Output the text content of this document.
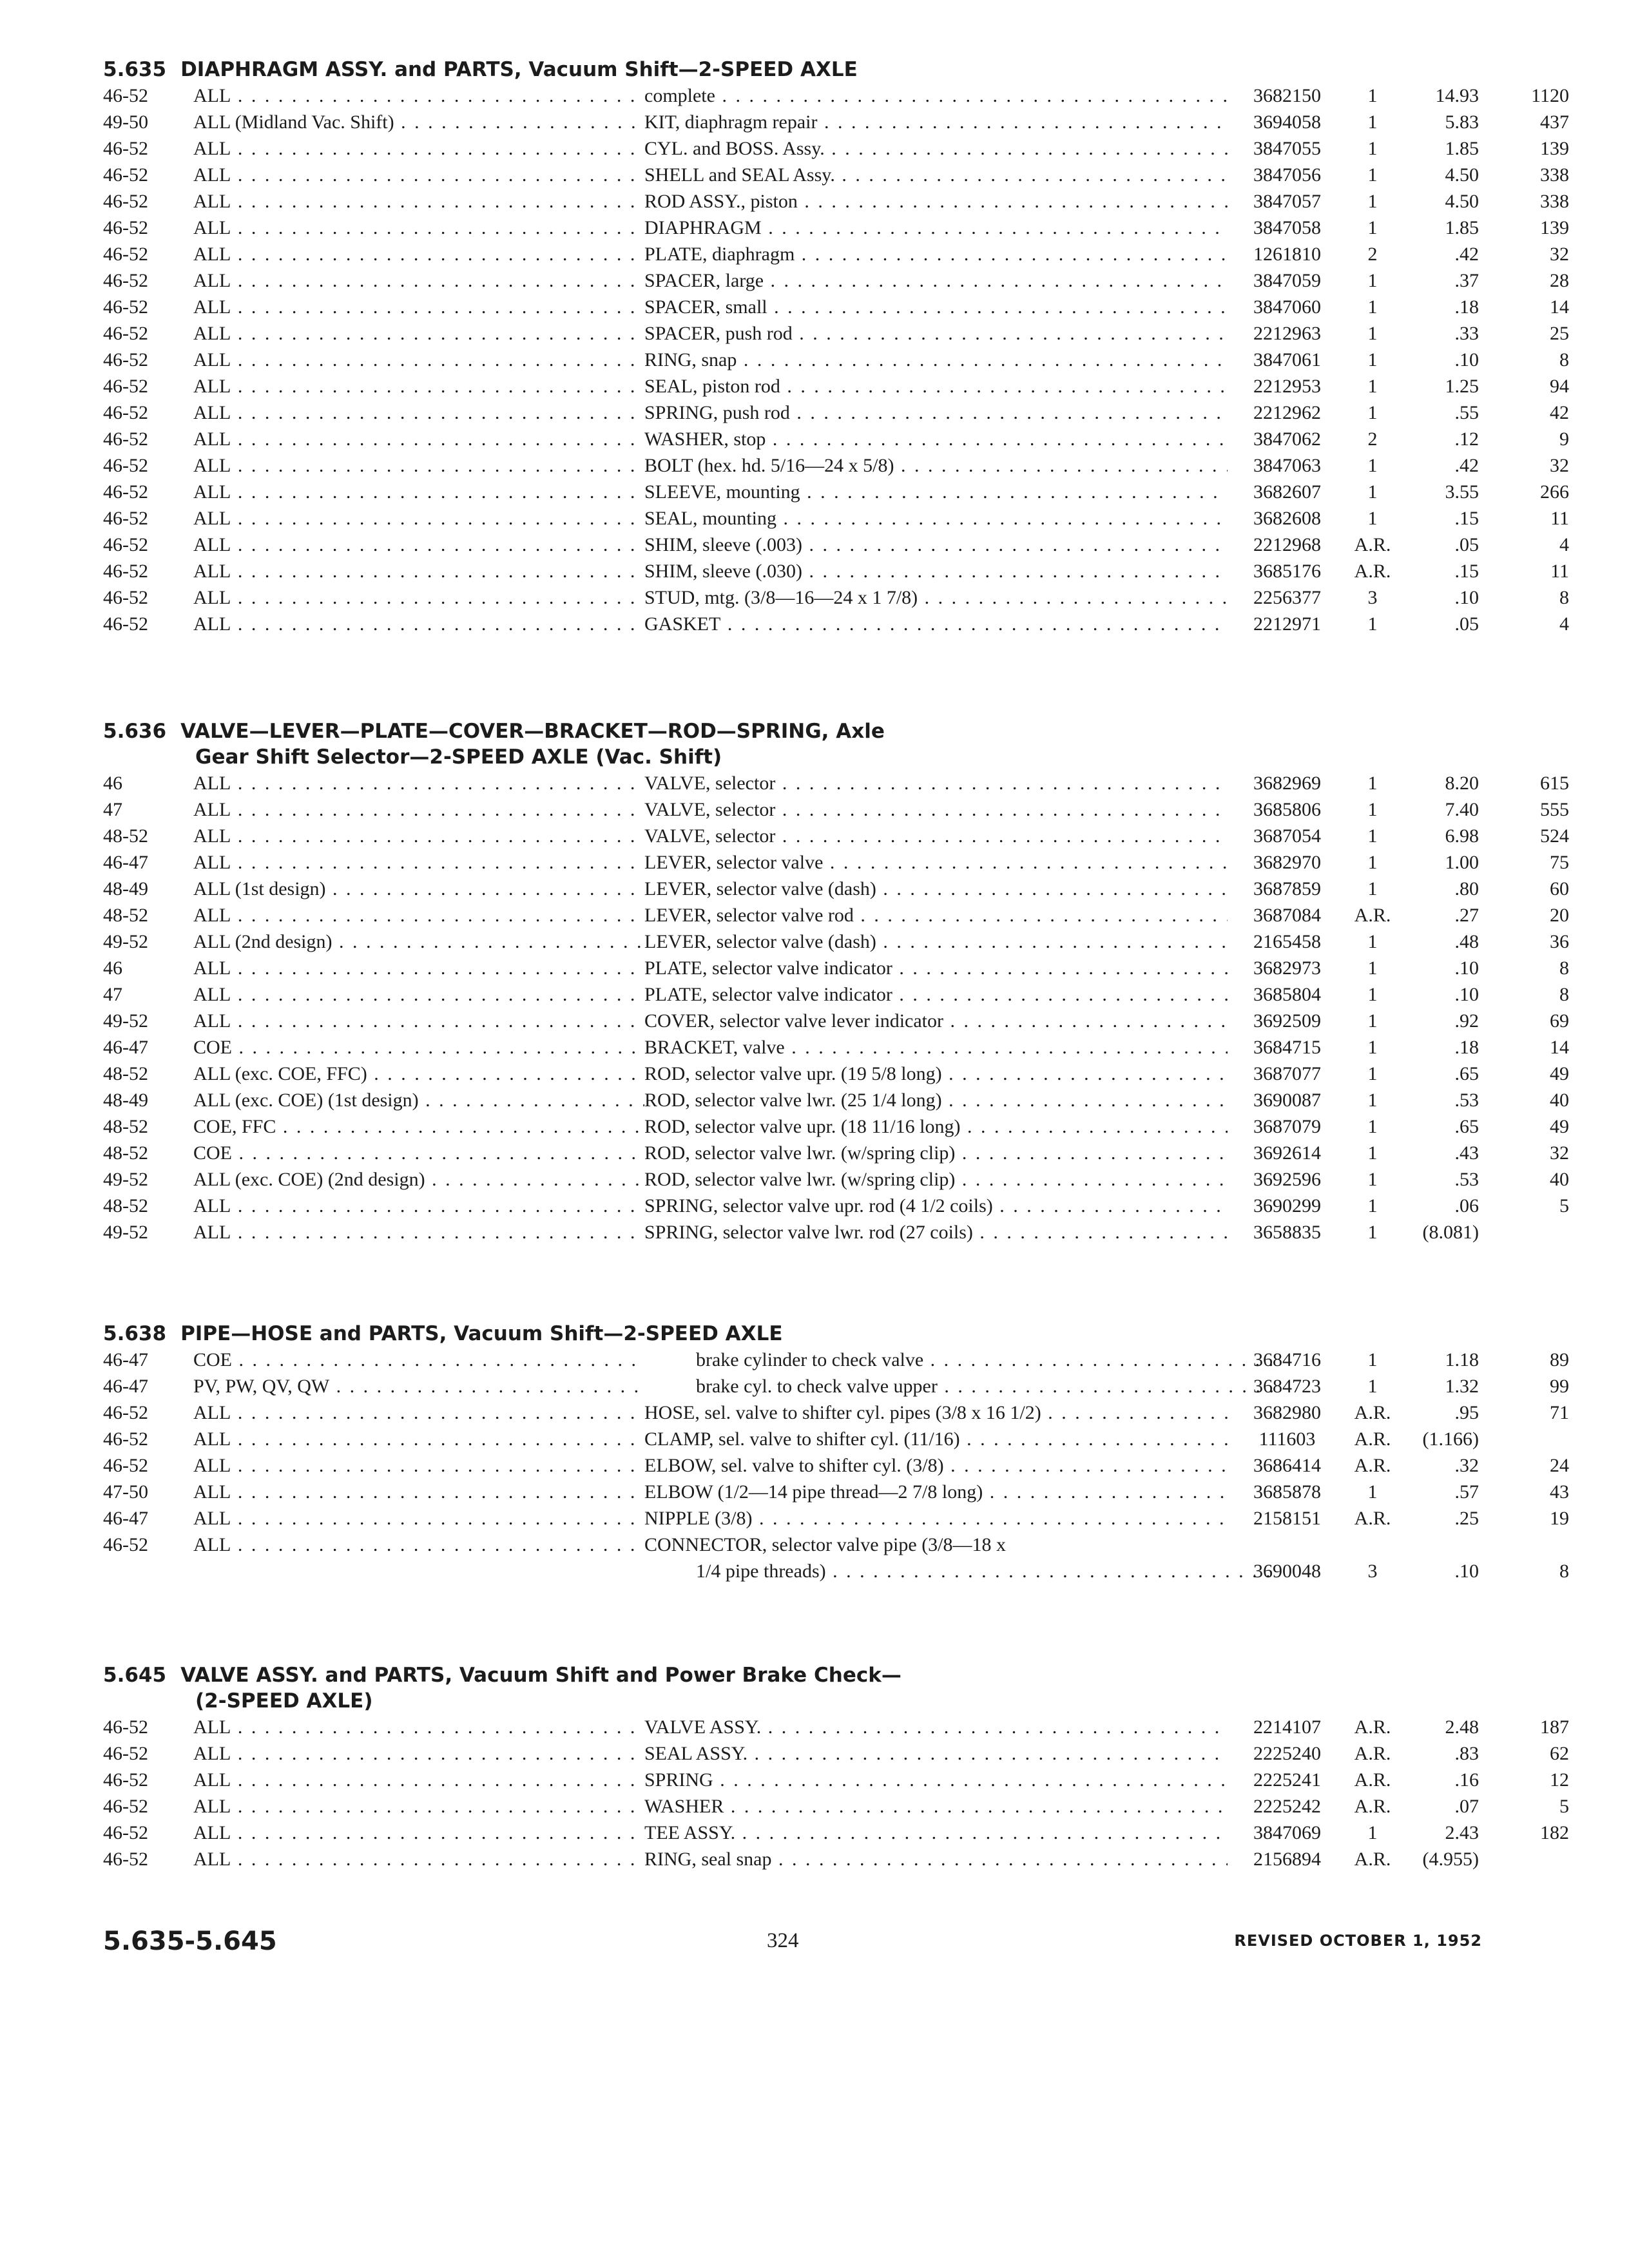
5.635 DIAPHRAGM ASSY. and PARTS, Vacuum Shift—2-SPEED AXLE
46-52	ALL . . .	complete . . .	3682150	1	14.93	1120
49-50	ALL (Midland Vac. Shift) . . .	KIT, diaphragm repair . . .	3694058	1	5.83	437
46-52	ALL . . .	CYL. and BOSS. Assy. . . .	3847055	1	1.85	139
46-52	ALL . . .	SHELL and SEAL Assy. . . .	3847056	1	4.50	338
46-52	ALL . . .	ROD ASSY., piston . . .	3847057	1	4.50	338
46-52	ALL . . .	DIAPHRAGM . . .	3847058	1	1.85	139
46-52	ALL . . .	PLATE, diaphragm . . .	1261810	2	.42	32
46-52	ALL . . .	SPACER, large . . .	3847059	1	.37	28
46-52	ALL . . .	SPACER, small . . .	3847060	1	.18	14
46-52	ALL . . .	SPACER, push rod . . .	2212963	1	.33	25
46-52	ALL . . .	RING, snap . . .	3847061	1	.10	8
46-52	ALL . . .	SEAL, piston rod . . .	2212953	1	1.25	94
46-52	ALL . . .	SPRING, push rod . . .	2212962	1	.55	42
46-52	ALL . . .	WASHER, stop . . .	3847062	2	.12	9
46-52	ALL . . .	BOLT (hex. hd. 5/16—24 x 5/8) . . .	3847063	1	.42	32
46-52	ALL . . .	SLEEVE, mounting . . .	3682607	1	3.55	266
46-52	ALL . . .	SEAL, mounting . . .	3682608	1	.15	11
46-52	ALL . . .	SHIM, sleeve (.003) . . .	2212968	A.R.	.05	4
46-52	ALL . . .	SHIM, sleeve (.030) . . .	3685176	A.R.	.15	11
46-52	ALL . . .	STUD, mtg. (3/8—16—24 x 1 7/8) . . .	2256377	3	.10	8
46-52	ALL . . .	GASKET . . .	2212971	1	.05	4
5.636 VALVE—LEVER—PLATE—COVER—BRACKET—ROD—SPRING, Axle
Gear Shift Selector—2-SPEED AXLE (Vac. Shift)
46	ALL . . .	VALVE, selector . . .	3682969	1	8.20	615
47	ALL . . .	VALVE, selector . . .	3685806	1	7.40	555
48-52	ALL . . .	VALVE, selector . . .	3687054	1	6.98	524
46-47	ALL . . .	LEVER, selector valve . . .	3682970	1	1.00	75
48-49	ALL (1st design) . . .	LEVER, selector valve (dash) . . .	3687859	1	.80	60
48-52	ALL . . .	LEVER, selector valve rod . . .	3687084	A.R.	.27	20
49-52	ALL (2nd design) . . .	LEVER, selector valve (dash) . . .	2165458	1	.48	36
46	ALL . . .	PLATE, selector valve indicator . . .	3682973	1	.10	8
47	ALL . . .	PLATE, selector valve indicator . . .	3685804	1	.10	8
49-52	ALL . . .	COVER, selector valve lever indicator . . .	3692509	1	.92	69
46-47	COE . . .	BRACKET, valve . . .	3684715	1	.18	14
48-52	ALL (exc. COE, FFC) . . .	ROD, selector valve upr. (19 5/8 long) . . .	3687077	1	.65	49
48-49	ALL (exc. COE) (1st design) . . .	ROD, selector valve lwr. (25 1/4 long) . . .	3690087	1	.53	40
48-52	COE, FFC . . .	ROD, selector valve upr. (18 11/16 long) . . .	3687079	1	.65	49
48-52	COE . . .	ROD, selector valve lwr. (w/spring clip) . . .	3692614	1	.43	32
49-52	ALL (exc. COE) (2nd design) . . .	ROD, selector valve lwr. (w/spring clip) . . .	3692596	1	.53	40
48-52	ALL . . .	SPRING, selector valve upr. rod (4 1/2 coils) . . .	3690299	1	.06	5
49-52	ALL . . .	SPRING, selector valve lwr. rod (27 coils) . . .	3658835	1	(8.081)
5.638 PIPE—HOSE and PARTS, Vacuum Shift—2-SPEED AXLE
46-47	COE . . .	brake cylinder to check valve . . .	3684716	1	1.18	89
46-47	PV, PW, QV, QW . . .	brake cyl. to check valve upper . . .	3684723	1	1.32	99
46-52	ALL . . .	HOSE, sel. valve to shifter cyl. pipes (3/8 x 16 1/2) . . .	3682980	A.R.	.95	71
46-52	ALL . . .	CLAMP, sel. valve to shifter cyl. (11/16) . . .	111603	A.R.	(1.166)
46-52	ALL . . .	ELBOW, sel. valve to shifter cyl. (3/8) . . .	3686414	A.R.	.32	24
47-50	ALL . . .	ELBOW (1/2—14 pipe thread—2 7/8 long) . . .	3685878	1	.57	43
46-47	ALL . . .	NIPPLE (3/8) . . .	2158151	A.R.	.25	19
46-52	ALL . . .	CONNECTOR, selector valve pipe (3/8—18 x
1/4 pipe threads) . . .	3690048	3	.10	8
5.645 VALVE ASSY. and PARTS, Vacuum Shift and Power Brake Check—
(2-SPEED AXLE)
46-52	ALL . . .	VALVE ASSY. . . .	2214107	A.R.	2.48	187
46-52	ALL . . .	SEAL ASSY. . . .	2225240	A.R.	.83	62
46-52	ALL . . .	SPRING . . .	2225241	A.R.	.16	12
46-52	ALL . . .	WASHER . . .	2225242	A.R.	.07	5
46-52	ALL . . .	TEE ASSY. . . .	3847069	1	2.43	182
46-52	ALL . . .	RING, seal snap . . .	2156894	A.R.	(4.955)
5.635-5.645	324	REVISED OCTOBER 1, 1952
